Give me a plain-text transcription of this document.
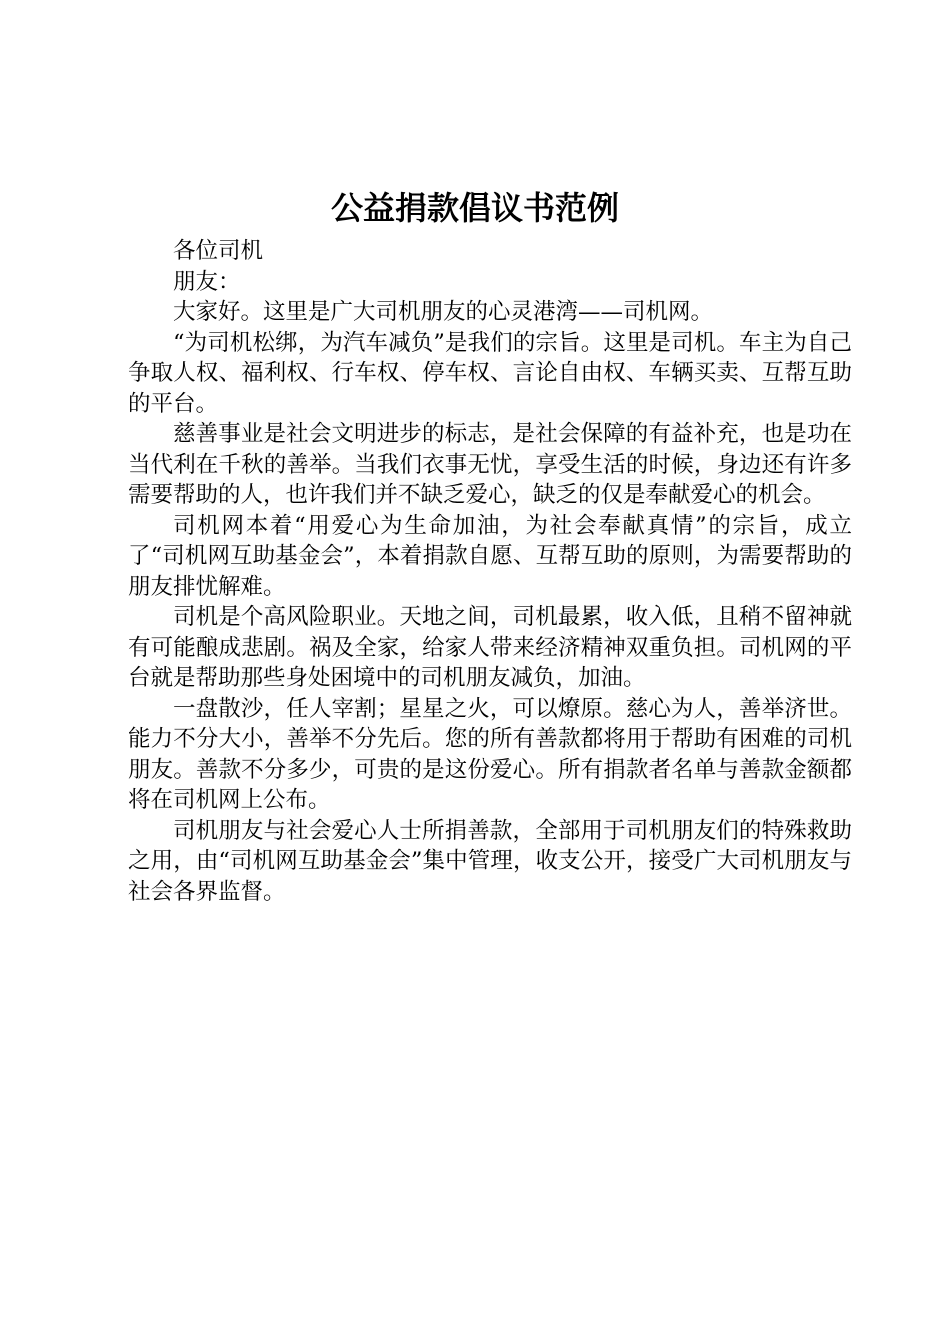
公益捐款倡议书范例

各位司机

朋友：

大家好。这里是广大司机朋友的心灵港湾——司机网。

“为司机松绑，为汽车减负”是我们的宗旨。这里是司机。车主为自己争取人权、福利权、行车权、停车权、言论自由权、车辆买卖、互帮互助的平台。

慈善事业是社会文明进步的标志，是社会保障的有益补充，也是功在当代利在千秋的善举。当我们衣事无忧，享受生活的时候，身边还有许多需要帮助的人，也许我们并不缺乏爱心，缺乏的仅是奉献爱心的机会。

司机网本着“用爱心为生命加油，为社会奉献真情”的宗旨，成立了“司机网互助基金会”，本着捐款自愿、互帮互助的原则，为需要帮助的朋友排忧解难。

司机是个高风险职业。天地之间，司机最累，收入低，且稍不留神就有可能酿成悲剧。祸及全家，给家人带来经济精神双重负担。司机网的平台就是帮助那些身处困境中的司机朋友减负，加油。

一盘散沙，任人宰割；星星之火，可以燎原。慈心为人，善举济世。能力不分大小，善举不分先后。您的所有善款都将用于帮助有困难的司机朋友。善款不分多少，可贵的是这份爱心。所有捐款者名单与善款金额都将在司机网上公布。

司机朋友与社会爱心人士所捐善款，全部用于司机朋友们的特殊救助之用，由“司机网互助基金会”集中管理，收支公开，接受广大司机朋友与社会各界监督。
